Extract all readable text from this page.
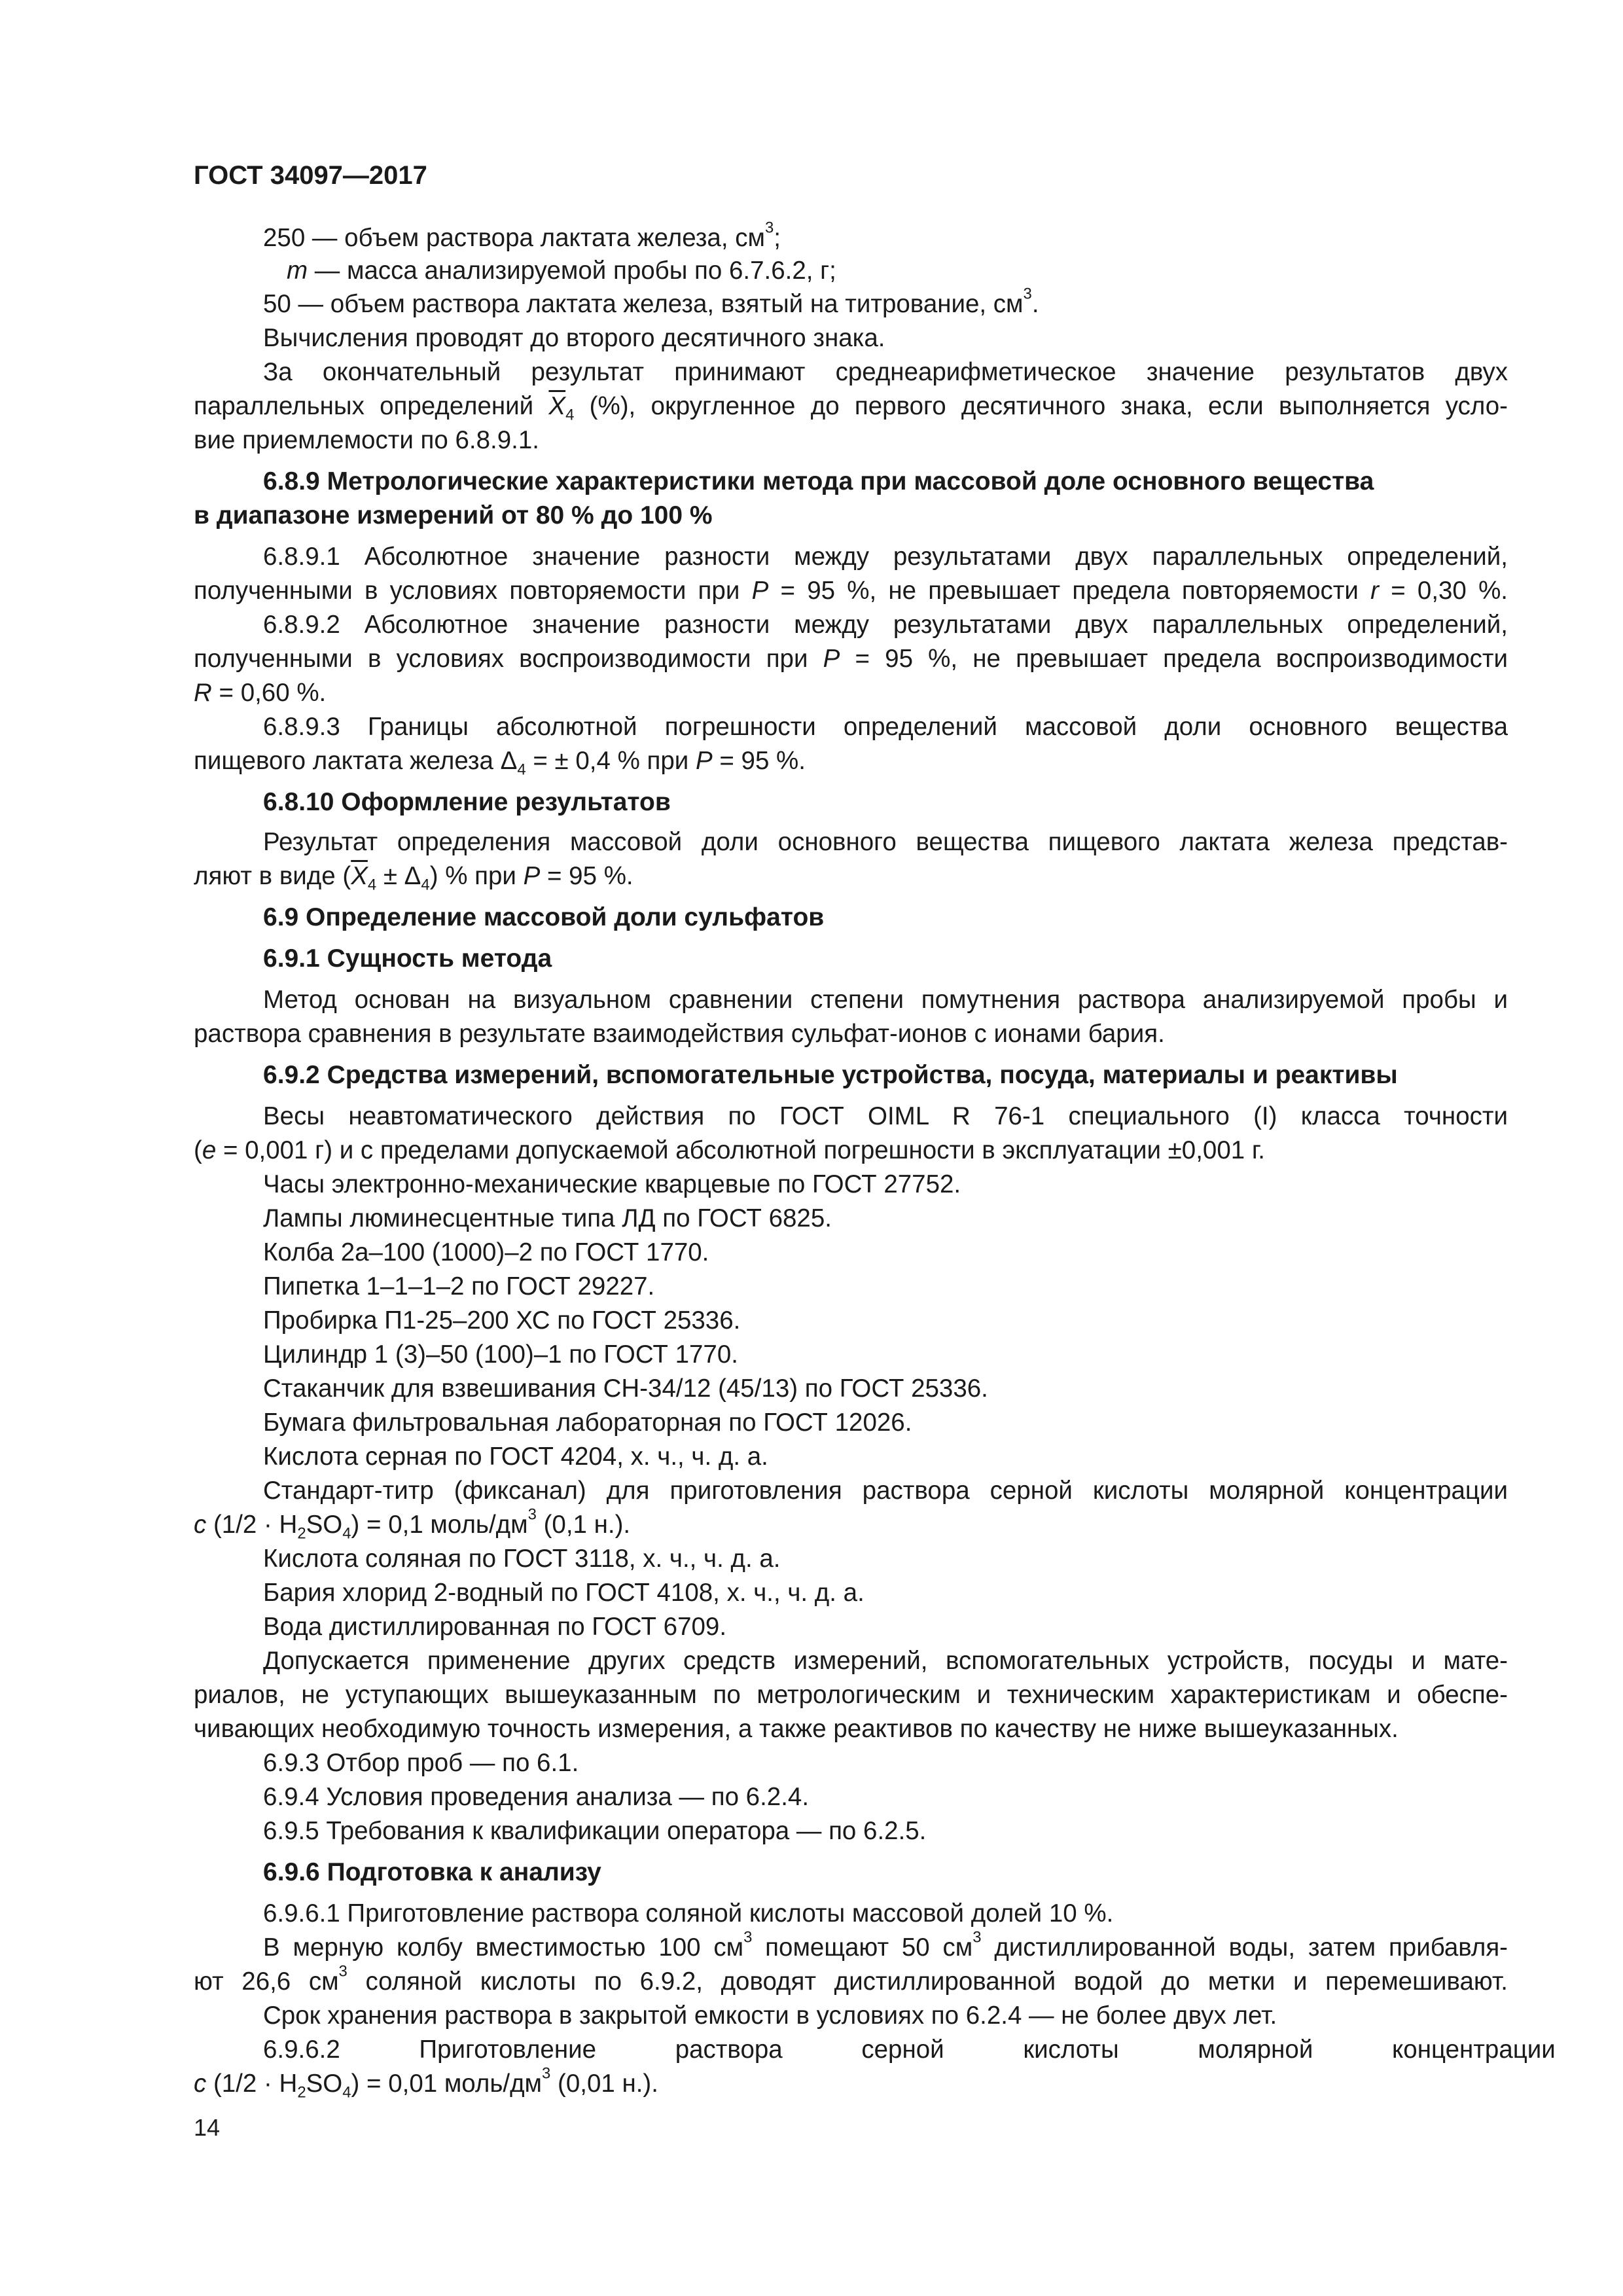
ГОСТ 34097—2017
250 — объем раствора лактата железа, $см^3$;
m — масса анализируемой пробы по 6.7.6.2, г;
50 — объем раствора лактата железа, взятый на титрование, $см^3$.
Вычисления проводят до второго десятичного знака.
За окончательный результат принимают среднеарифметическое значение результатов двух
параллельных определений $\overline{X}_4$ (%), округленное до первого десятичного знака, если выполняется усло-
вие приемлемости по 6.8.9.1.
6.8.9 Метрологические характеристики метода при массовой доле основного вещества
в диапазоне измерений от 80 % до 100 %
6.8.9.1 Абсолютное значение разности между результатами двух параллельных определений,
полученными в условиях повторяемости при P = 95 %, не превышает предела повторяемости r = 0,30 %.
6.8.9.2 Абсолютное значение разности между результатами двух параллельных определений,
полученными в условиях воспроизводимости при P = 95 %, не превышает предела воспроизводимости
R = 0,60 %.
6.8.9.3 Границы абсолютной погрешности определений массовой доли основного вещества
пищевого лактата железа $\Delta_4$ = ± 0,4 % при P = 95 %.
6.8.10 Оформление результатов
Результат определения массовой доли основного вещества пищевого лактата железа представ-
ляют в виде $(\overline{X}_4 \pm \Delta_4)$ % при P = 95 %.
6.9 Определение массовой доли сульфатов
6.9.1 Сущность метода
Метод основан на визуальном сравнении степени помутнения раствора анализируемой пробы и
раствора сравнения в результате взаимодействия сульфат-ионов с ионами бария.
6.9.2 Средства измерений, вспомогательные устройства, посуда, материалы и реактивы
Весы неавтоматического действия по ГОСТ OIML R 76-1 специального (I) класса точности
(e = 0,001 г) и с пределами допускаемой абсолютной погрешности в эксплуатации ±0,001 г.
Часы электронно-механические кварцевые по ГОСТ 27752.
Лампы люминесцентные типа ЛД по ГОСТ 6825.
Колба 2а–100 (1000)–2 по ГОСТ 1770.
Пипетка 1–1–1–2 по ГОСТ 29227.
Пробирка П1-25–200 ХС по ГОСТ 25336.
Цилиндр 1 (3)–50 (100)–1 по ГОСТ 1770.
Стаканчик для взвешивания СН-34/12 (45/13) по ГОСТ 25336.
Бумага фильтровальная лабораторная по ГОСТ 12026.
Кислота серная по ГОСТ 4204, х. ч., ч. д. а.
Стандарт-титр (фиксанал) для приготовления раствора серной кислоты молярной концентрации
c $(1/2 \cdot H_2SO_4) = 0,1$ моль/$дм^3$ (0,1 н.).
Кислота соляная по ГОСТ 3118, х. ч., ч. д. а.
Бария хлорид 2-водный по ГОСТ 4108, х. ч., ч. д. а.
Вода дистиллированная по ГОСТ 6709.
Допускается применение других средств измерений, вспомогательных устройств, посуды и мате-
риалов, не уступающих вышеуказанным по метрологическим и техническим характеристикам и обеспе-
чивающих необходимую точность измерения, а также реактивов по качеству не ниже вышеуказанных.
6.9.3 Отбор проб — по 6.1.
6.9.4 Условия проведения анализа — по 6.2.4.
6.9.5 Требования к квалификации оператора — по 6.2.5.
6.9.6 Подготовка к анализу
6.9.6.1 Приготовление раствора соляной кислоты массовой долей 10 %.
В мерную колбу вместимостью 100 $см^3$ помещают 50 $см^3$ дистиллированной воды, затем прибавля-
ют 26,6 $см^3$ соляной кислоты по 6.9.2, доводят дистиллированной водой до метки и перемешивают.
Срок хранения раствора в закрытой емкости в условиях по 6.2.4 — не более двух лет.
6.9.6.2 Приготовление раствора серной кислоты молярной концентрации
c $(1/2 \cdot H_2SO_4) = 0,01$ моль/$дм^3$ (0,01 н.).
14
